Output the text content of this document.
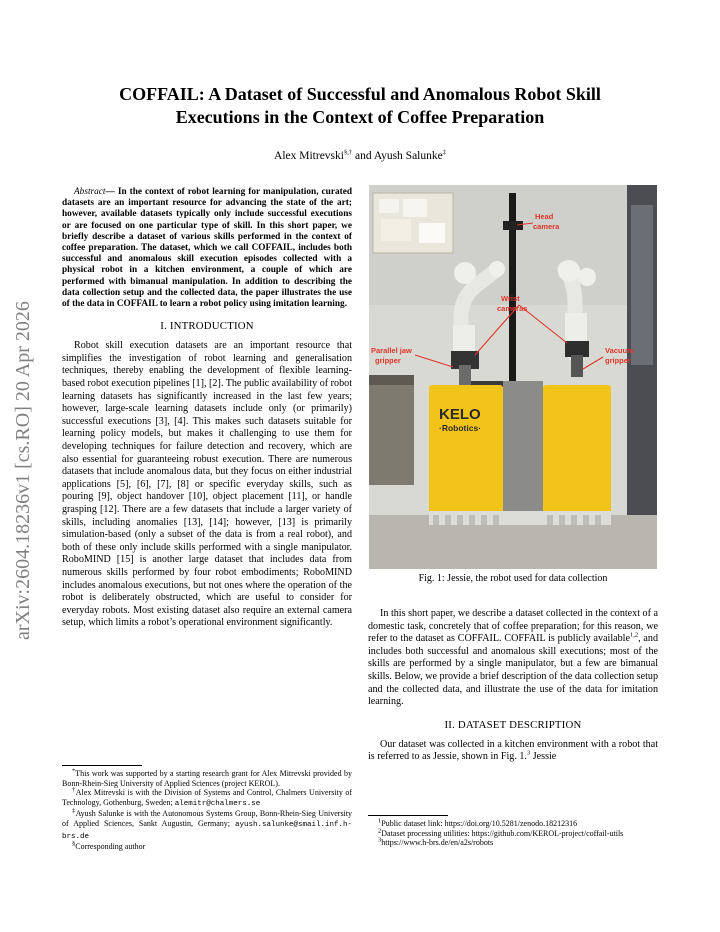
arXiv:2604.18236v1 [cs.RO] 20 Apr 2026
COFFAIL: A Dataset of Successful and Anomalous Robot Skill
Executions in the Context of Coffee Preparation
Alex Mitrevski§,† and Ayush Salunke‡

Abstract— In the context of robot learning for manipulation, curated datasets are an important resource for advancing the state of the art; however, available datasets typically only include successful executions or are focused on one particular type of skill. In this short paper, we briefly describe a dataset of various skills performed in the context of coffee preparation. The dataset, which we call COFFAIL, includes both successful and anomalous skill execution episodes collected with a physical robot in a kitchen environment, a couple of which are performed with bimanual manipulation. In addition to describing the data collection setup and the collected data, the paper illustrates the use of the data in COFFAIL to learn a robot policy using imitation learning.

I. INTRODUCTION

Robot skill execution datasets are an important resource that simplifies the investigation of robot learning and generalisation techniques, thereby enabling the development of flexible learning-based robot execution pipelines [1], [2]. The public availability of robot learning datasets has significantly increased in the last few years; however, large-scale learning datasets include only (or primarily) successful executions [3], [4]. This makes such datasets suitable for learning policy models, but makes it challenging to use them for developing techniques for failure detection and recovery, which are also essential for guaranteeing robust execution. There are numerous datasets that include anomalous data, but they focus on either industrial applications [5], [6], [7], [8] or specific everyday skills, such as pouring [9], object handover [10], object placement [11], or handle grasping [12]. There are a few datasets that include a larger variety of skills, including anomalies [13], [14]; however, [13] is primarily simulation-based (only a subset of the data is from a real robot), and both of these only include skills performed with a single manipulator. RoboMIND [15] is another large dataset that includes data from numerous skills performed by four robot embodiments; RoboMIND includes anomalous executions, but not ones where the operation of the robot is deliberately obstructed, which are useful to consider for everyday robots. Most existing dataset also require an external camera setup, which limits a robot’s operational environment significantly.

*This work was supported by a starting research grant for Alex Mitrevski provided by Bonn-Rhein-Sieg University of Applied Sciences (project KEROL).

†Alex Mitrevski is with the Division of Systems and Control, Chalmers University of Technology, Gothenburg, Sweden; alemitr@chalmers.se

‡Ayush Salunke is with the Autonomous Systems Group, Bonn-Rhein-Sieg University of Applied Sciences, Sankt Augustin, Germany; ayush.salunke@smail.inf.h-brs.de

§Corresponding author

KELO
·Robotics·
Head
camera
Wrist
cameras
Parallel jaw
gripper
Vacuum
gripper
Fig. 1: Jessie, the robot used for data collection

In this short paper, we describe a dataset collected in the context of a domestic task, concretely that of coffee preparation; for this reason, we refer to the dataset as COFFAIL. COFFAIL is publicly available$^{1,2}$, and includes both successful and anomalous skill executions; most of the skills are performed by a single manipulator, but a few are bimanual skills. Below, we provide a brief description of the data collection setup and the collected data, and illustrate the use of the data for imitation learning.

II. DATASET DESCRIPTION

Our dataset was collected in a kitchen environment with a robot that is referred to as Jessie, shown in Fig. 1.$^3$ Jessie

$^1$Public dataset link: https://doi.org/10.5281/zenodo.18212316

$^2$Dataset processing utilities: https://github.com/KEROL-project/coffail-utils

$^3$https://www.h-brs.de/en/a2s/robots
